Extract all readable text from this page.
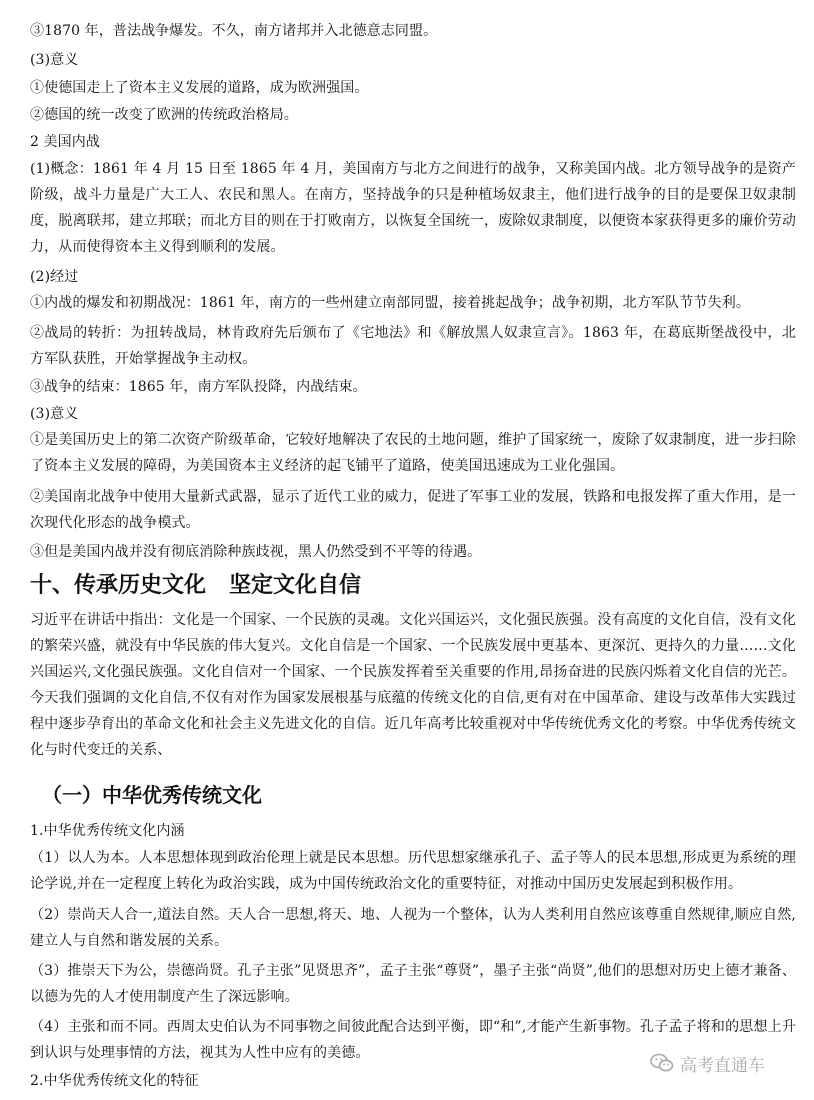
③1870 年，普法战争爆发。不久，南方诸邦并入北德意志同盟。
(3)意义
①使德国走上了资本主义发展的道路，成为欧洲强国。
②德国的统一改变了欧洲的传统政治格局。
2 美国内战
(1)概念：1861 年 4 月 15 日至 1865 年 4 月，美国南方与北方之间进行的战争，又称美国内战。北方领导战争的是资产阶级，战斗力量是广大工人、农民和黑人。在南方，坚持战争的只是种植场奴隶主，他们进行战争的目的是要保卫奴隶制度，脱离联邦，建立邦联；而北方目的则在于打败南方，以恢复全国统一，废除奴隶制度，以便资本家获得更多的廉价劳动力，从而使得资本主义得到顺利的发展。
(2)经过
①内战的爆发和初期战况：1861 年，南方的一些州建立南部同盟，接着挑起战争；战争初期，北方军队节节失利。
②战局的转折：为扭转战局，林肯政府先后颁布了《宅地法》和《解放黑人奴隶宣言》。1863 年，在葛底斯堡战役中，北方军队获胜，开始掌握战争主动权。
③战争的结束：1865 年，南方军队投降，内战结束。
(3)意义
①是美国历史上的第二次资产阶级革命，它较好地解决了农民的土地问题，维护了国家统一，废除了奴隶制度，进一步扫除了资本主义发展的障碍，为美国资本主义经济的起飞铺平了道路，使美国迅速成为工业化强国。
②美国南北战争中使用大量新式武器，显示了近代工业的威力，促进了军事工业的发展，铁路和电报发挥了重大作用，是一次现代化形态的战争模式。
③但是美国内战并没有彻底消除种族歧视，黑人仍然受到不平等的待遇。
十、传承历史文化   坚定文化自信
习近平在讲话中指出：文化是一个国家、一个民族的灵魂。文化兴国运兴，文化强民族强。没有高度的文化自信，没有文化的繁荣兴盛，就没有中华民族的伟大复兴。文化自信是一个国家、一个民族发展中更基本、更深沉、更持久的力量……文化兴国运兴,文化强民族强。文化自信对一个国家、一个民族发挥着至关重要的作用,昂扬奋进的民族闪烁着文化自信的光芒。今天我们强调的文化自信,不仅有对作为国家发展根基与底蕴的传统文化的自信,更有对在中国革命、建设与改革伟大实践过程中逐步孕育出的革命文化和社会主义先进文化的自信。近几年高考比较重视对中华传统优秀文化的考察。中华优秀传统文化与时代变迁的关系、
（一）中华优秀传统文化
1.中华优秀传统文化内涵
（1）以人为本。人本思想体现到政治伦理上就是民本思想。历代思想家继承孔子、孟子等人的民本思想,形成更为系统的理论学说,并在一定程度上转化为政治实践，成为中国传统政治文化的重要特征，对推动中国历史发展起到积极作用。
（2）崇尚天人合一,道法自然。天人合一思想,将天、地、人视为一个整体，认为人类利用自然应该尊重自然规律,顺应自然,建立人与自然和谐发展的关系。
（3）推崇天下为公，崇德尚贤。孔子主张”见贤思齐”，孟子主张“尊贤”，墨子主张“尚贤”,他们的思想对历史上德才兼备、以德为先的人才使用制度产生了深远影响。
（4）主张和而不同。西周太史伯认为不同事物之间彼此配合达到平衡，即“和”,才能产生新事物。孔子孟子将和的思想上升到认识与处理事情的方法，视其为人性中应有的美德。
2.中华优秀传统文化的特征
高考直通车
